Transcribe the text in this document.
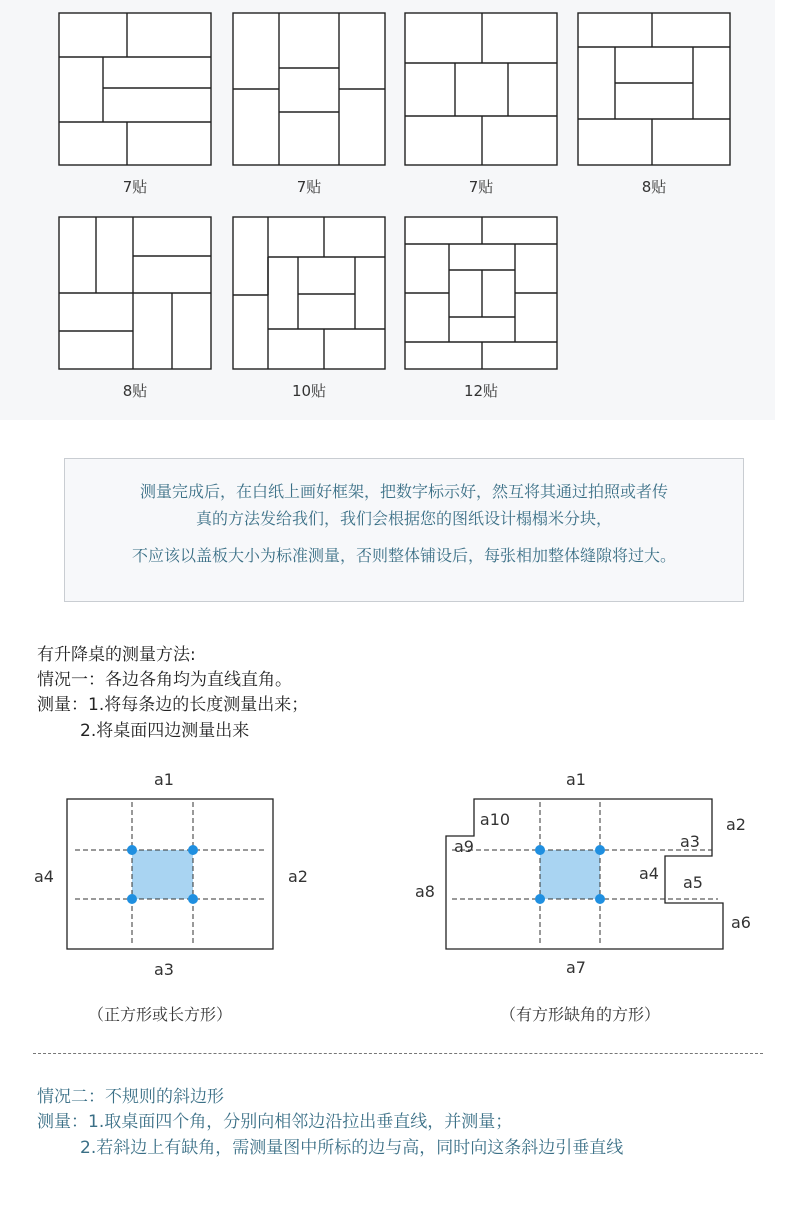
7贴	7贴	7贴	8贴
8贴	10贴	12贴
测量完成后，在白纸上画好框架，把数字标示好，然互将其通过拍照或者传
真的方法发给我们，我们会根据您的图纸设计榻榻米分块，
不应该以盖板大小为标准测量，否则整体铺设后，每张相加整体缝隙将过大。
有升降桌的测量方法:
情况一：各边各角均为直线直角。
测量：1.将每条边的长度测量出来；
2.将桌面四边测量出来
a1
a2
a3
a4
a1
a2
a3
a4 a5
a6
a7
a8
a9
a10
（正方形或长方形）	（有方形缺角的方形）
情况二：不规则的斜边形
测量：1.取桌面四个角，分别向相邻边沿拉出垂直线，并测量；
2.若斜边上有缺角，需测量图中所标的边与高，同时向这条斜边引垂直线
